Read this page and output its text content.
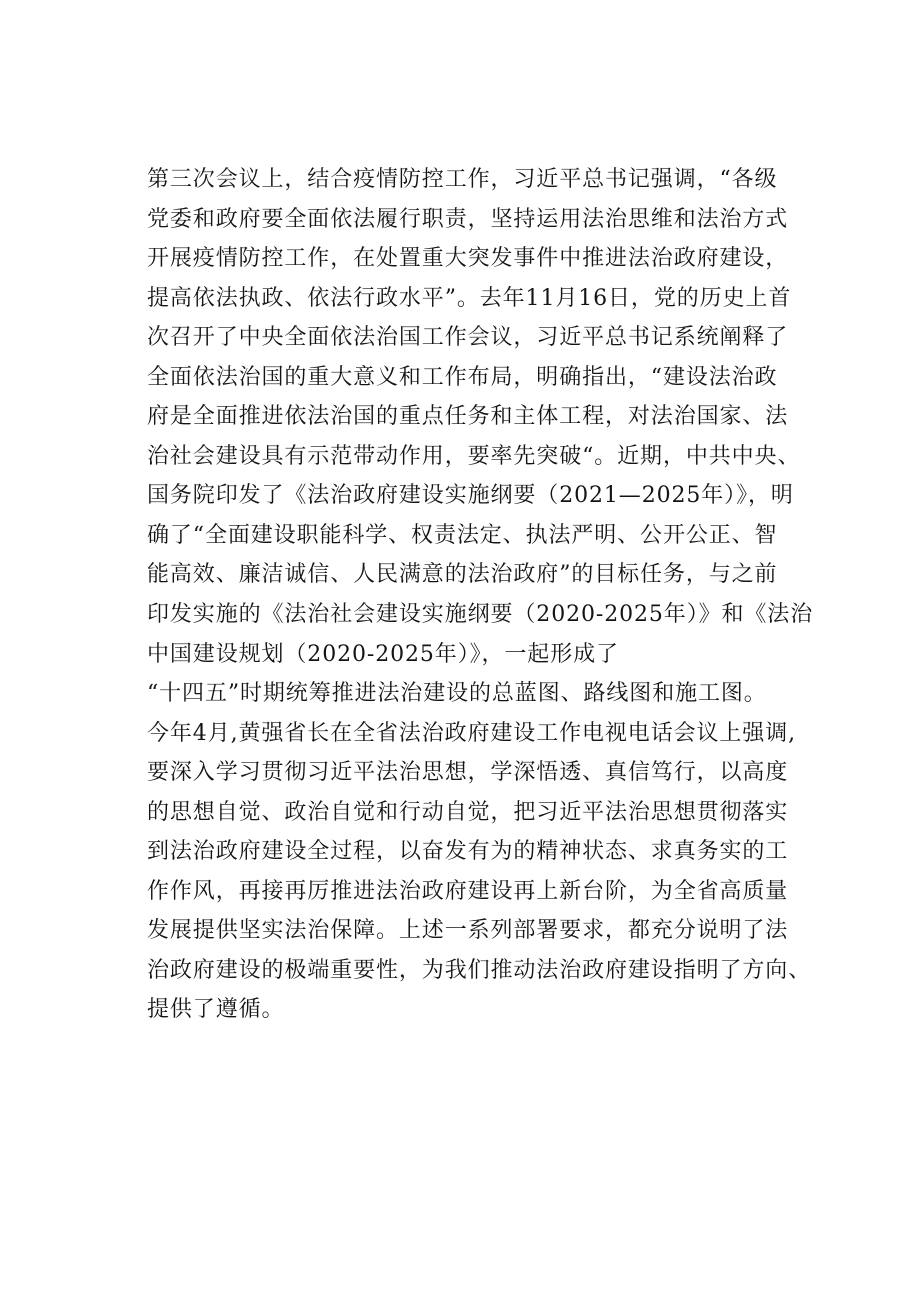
第三次会议上，结合疫情防控工作，习近平总书记强调，“各级
党委和政府要全面依法履行职责，坚持运用法治思维和法治方式
开展疫情防控工作，在处置重大突发事件中推进法治政府建设，
提高依法执政、依法行政水平”。去年11月16日，党的历史上首
次召开了中央全面依法治国工作会议，习近平总书记系统阐释了
全面依法治国的重大意义和工作布局，明确指出，“建设法治政
府是全面推进依法治国的重点任务和主体工程，对法治国家、法
治社会建设具有示范带动作用，要率先突破“。近期，中共中央、
国务院印发了《法治政府建设实施纲要（2021—2025年）》，明
确了“全面建设职能科学、权责法定、执法严明、公开公正、智
能高效、廉洁诚信、人民满意的法治政府”的目标任务，与之前
印发实施的《法治社会建设实施纲要（2020-2025年）》和《法治
中国建设规划（2020-2025年）》，一起形成了
“十四五”时期统筹推进法治建设的总蓝图、路线图和施工图。
今年4月,黄强省长在全省法治政府建设工作电视电话会议上强调,
要深入学习贯彻习近平法治思想，学深悟透、真信笃行，以高度
的思想自觉、政治自觉和行动自觉，把习近平法治思想贯彻落实
到法治政府建设全过程，以奋发有为的精神状态、求真务实的工
作作风，再接再厉推进法治政府建设再上新台阶，为全省高质量
发展提供坚实法治保障。上述一系列部署要求，都充分说明了法
治政府建设的极端重要性，为我们推动法治政府建设指明了方向、
提供了遵循。
